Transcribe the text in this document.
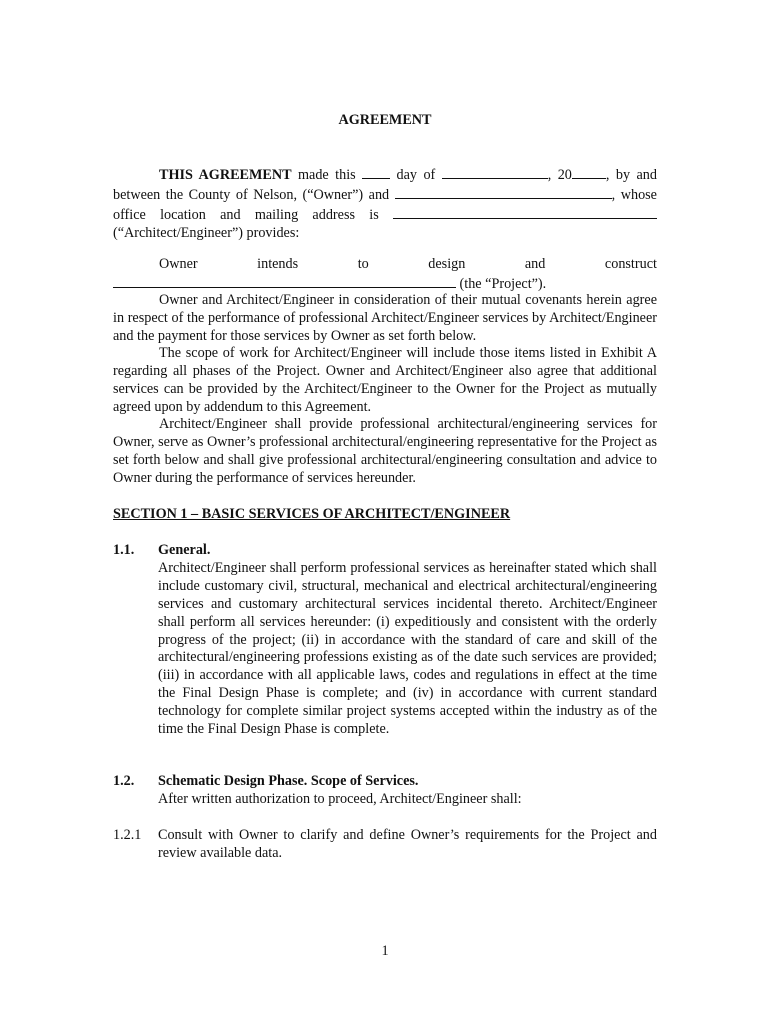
AGREEMENT
THIS AGREEMENT made this  day of	, 20 , by and
between the County of Nelson, (“Owner”) and	, whose
office location and mailing address is
(“Architect/Engineer”) provides:
Owner	intends	to	design	and	construct
(the “Project”).
Owner and Architect/Engineer in consideration of their mutual covenants herein agree in respect of the performance of professional Architect/Engineer services by Architect/Engineer and the payment for those services by Owner as set forth below.
The scope of work for Architect/Engineer will include those items listed in Exhibit A regarding all phases of the Project. Owner and Architect/Engineer also agree that additional services can be provided by the Architect/Engineer to the Owner for the Project as mutually agreed upon by addendum to this Agreement.
Architect/Engineer shall provide professional architectural/engineering services for Owner, serve as Owner’s professional architectural/engineering representative for the Project as set forth below and shall give professional architectural/engineering consultation and advice to Owner during the performance of services hereunder.
SECTION 1 – BASIC SERVICES OF ARCHITECT/ENGINEER
1.1. General.
Architect/Engineer shall perform professional services as hereinafter stated which shall include customary civil, structural, mechanical and electrical architectural/engineering services and customary architectural services incidental thereto. Architect/Engineer shall perform all services hereunder: (i) expeditiously and consistent with the orderly progress of the project; (ii) in accordance with the standard of care and skill of the architectural/engineering professions existing as of the date such services are provided; (iii) in accordance with all applicable laws, codes and regulations in effect at the time the Final Design Phase is complete; and (iv) in accordance with current standard technology for complete similar project systems accepted within the industry as of the time the Final Design Phase is complete.
1.2. Schematic Design Phase. Scope of Services.
After written authorization to proceed, Architect/Engineer shall:
1.2.1 Consult with Owner to clarify and define Owner’s requirements for the Project and review available data.
1
